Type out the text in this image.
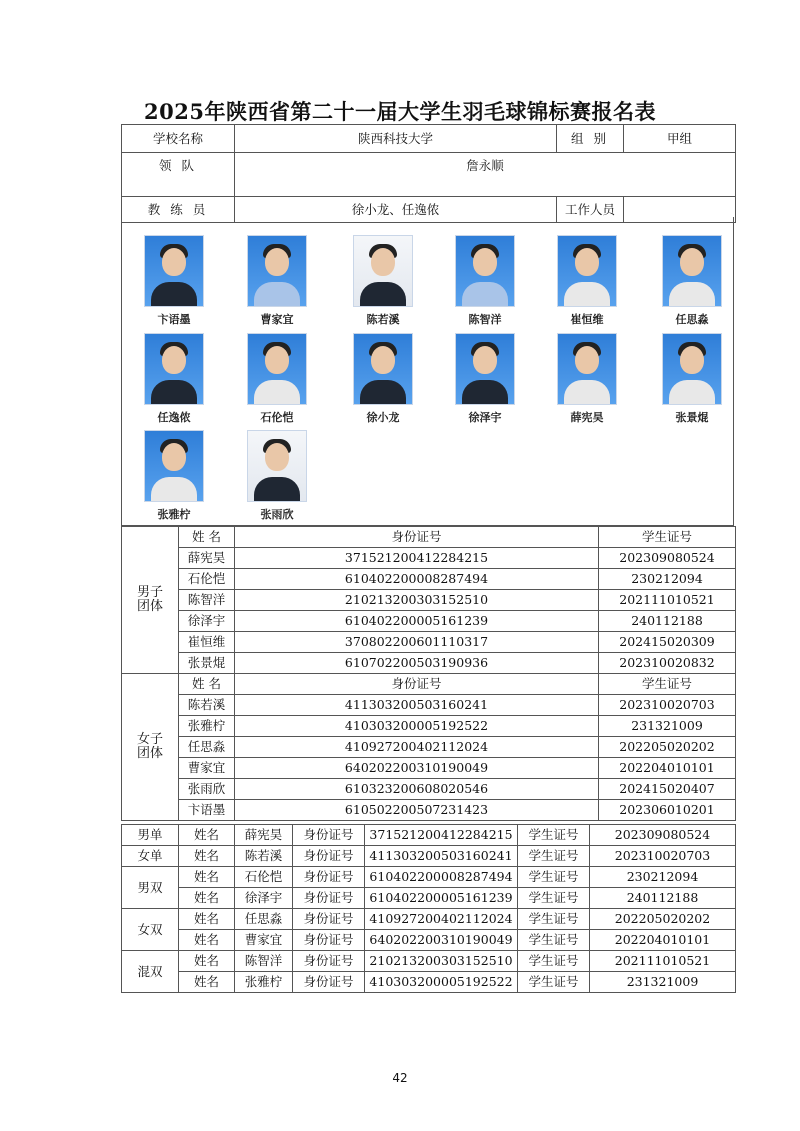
2025年陕西省第二十一届大学生羽毛球锦标赛报名表
学校名称	陕西科技大学	组 别	甲组
领 队	詹永顺		
教 练 员	徐小龙、任逸侬	工作人员	
卞语墨	曹家宜	陈若溪	陈智洋	崔恒维	任思淼
任逸侬	石伦恺	徐小龙	徐泽宇	薛宪昊	张景焜
张雅柠	张雨欣
男子
团体	姓 名	身份证号	学生证号
	薛宪昊	371521200412284215	202309080524
	石伦恺	610402200008287494	230212094
	陈智洋	210213200303152510	202111010521
	徐泽宇	610402200005161239	240112188
	崔恒维	370802200601110317	202415020309
	张景焜	610702200503190936	202310020832

女子
团体	姓 名	身份证号	学生证号
	陈若溪	411303200503160241	202310020703
	张雅柠	410303200005192522	231321009
	任思淼	410927200402112024	202205020202
	曹家宜	640202200310190049	202204010101
	张雨欣	610323200608020546	202415020407
	卞语墨	610502200507231423	202306010201
男单	姓名	薛宪昊	身份证号	371521200412284215	学生证号	202309080524
女单	姓名	陈若溪	身份证号	411303200503160241	学生证号	202310020703
男双	姓名	石伦恺	身份证号	610402200008287494	学生证号	230212094
	姓名	徐泽宇	身份证号	610402200005161239	学生证号	240112188
女双	姓名	任思淼	身份证号	410927200402112024	学生证号	202205020202
	姓名	曹家宜	身份证号	640202200310190049	学生证号	202204010101
混双	姓名	陈智洋	身份证号	210213200303152510	学生证号	202111010521
	姓名	张雅柠	身份证号	410303200005192522	学生证号	231321009
42
